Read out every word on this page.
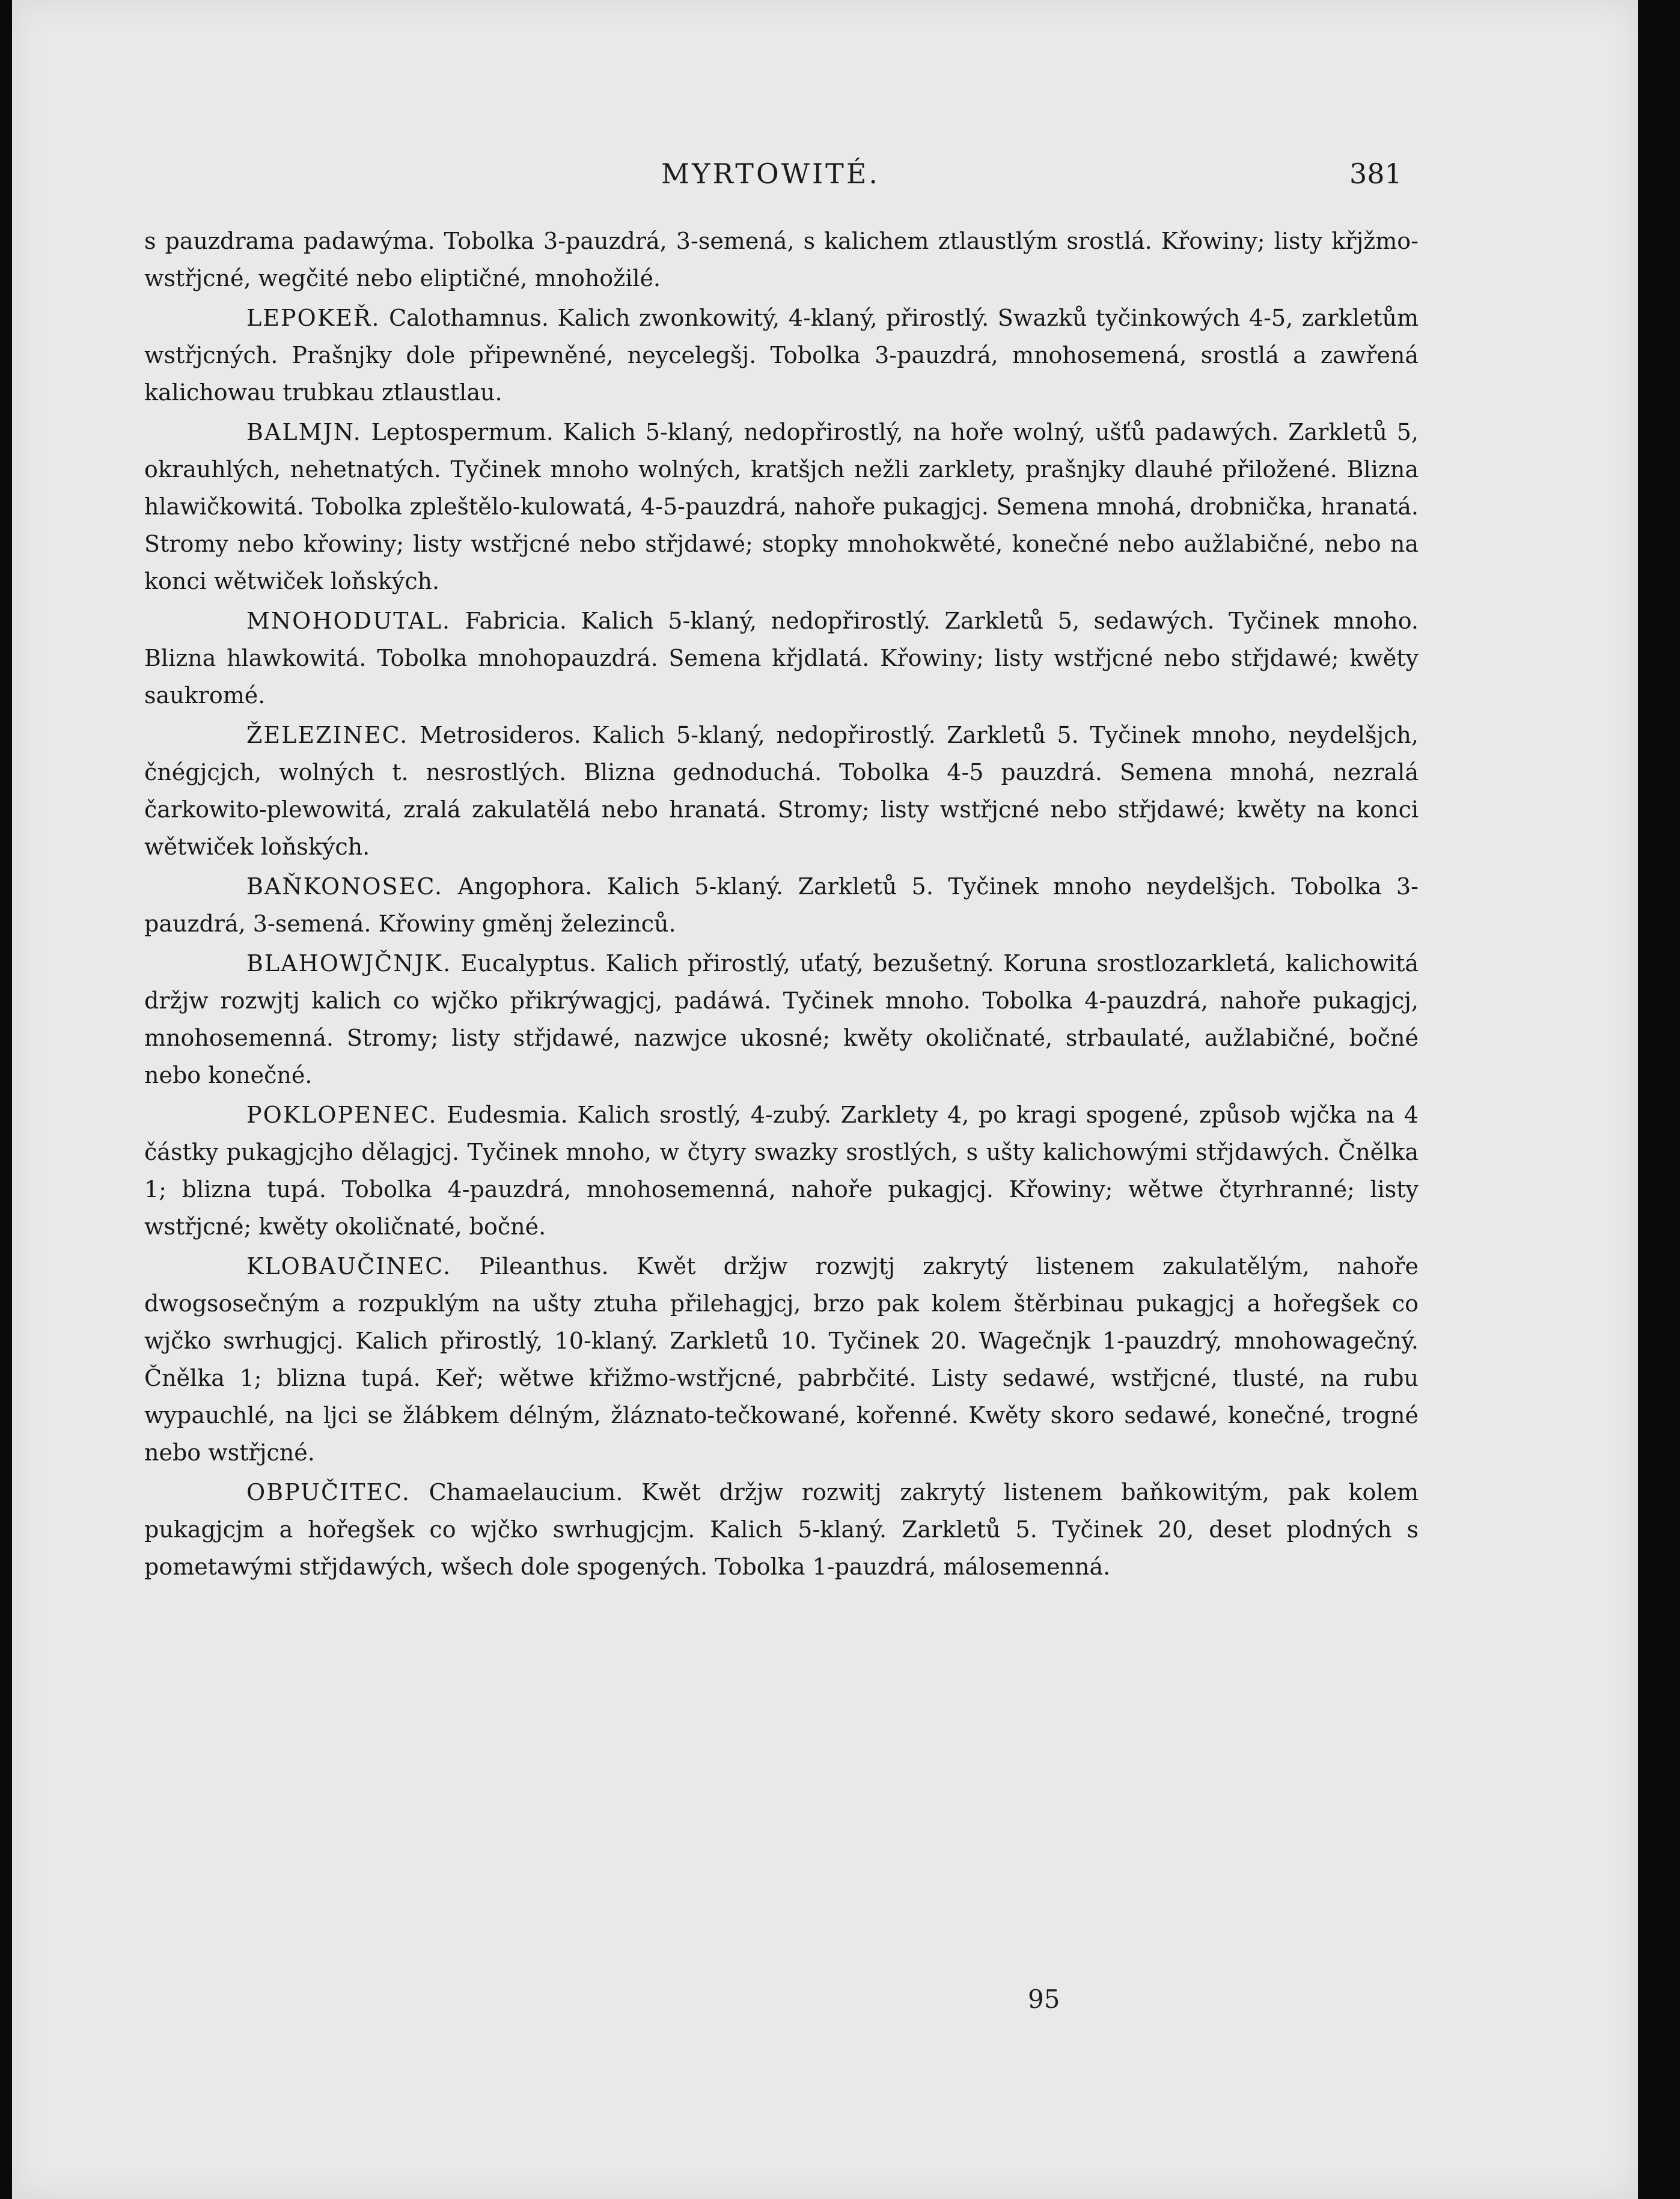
MYRTOWITÉ.	381

s pauzdrama padawýma. Tobolka 3-pauzdrá, 3-semená, s kalichem ztlaustlým srostlá. Křowiny; listy křjžmo-wstřjcné, wegčité nebo eliptičné, mnohožilé.

LEPOKEŘ. Calothamnus. Kalich zwonkowitý, 4-klaný, přirostlý. Swazků tyčinkowých 4-5, zarkletům wstřjcných. Prašnjky dole připewněné, neycelegšj. Tobolka 3-pauzdrá, mnohosemená, srostlá a zawřená kalichowau trubkau ztlaustlau.

BALMJN. Leptospermum. Kalich 5-klaný, nedopřirostlý, na hoře wolný, ušťů padawých. Zarkletů 5, okrauhlých, nehetnatých. Tyčinek mnoho wolných, kratšjch nežli zarklety, prašnjky dlauhé přiložené. Blizna hlawičkowitá. Tobolka zpleštělo-kulowatá, 4-5-pauzdrá, nahoře pukagjcj. Semena mnohá, drobnička, hranatá. Stromy nebo křowiny; listy wstřjcné nebo střjdawé; stopky mnohokwěté, konečné nebo aužlabičné, nebo na konci wětwiček loňských.

MNOHODUTAL. Fabricia. Kalich 5-klaný, nedopřirostlý. Zarkletů 5, sedawých. Tyčinek mnoho. Blizna hlawkowitá. Tobolka mnohopauzdrá. Semena křjdlatá. Křowiny; listy wstřjcné nebo střjdawé; kwěty saukromé.

ŽELEZINEC. Metrosideros. Kalich 5-klaný, nedopřirostlý. Zarkletů 5. Tyčinek mnoho, neydelšjch, čnégjcjch, wolných t. nesrostlých. Blizna gednoduchá. Tobolka 4-5 pauzdrá. Semena mnohá, nezralá čarkowito-plewowitá, zralá zakulatělá nebo hranatá. Stromy; listy wstřjcné nebo střjdawé; kwěty na konci wětwiček loňských.

BAŇKONOSEC. Angophora. Kalich 5-klaný. Zarkletů 5. Tyčinek mnoho neydelšjch. Tobolka 3-pauzdrá, 3-semená. Křowiny gměnj železinců.

BLAHOWJČNJK. Eucalyptus. Kalich přirostlý, uťatý, bezušetný. Koruna srostlozarkletá, kalichowitá držjw rozwjtj kalich co wjčko přikrýwagjcj, padáwá. Tyčinek mnoho. Tobolka 4-pauzdrá, nahoře pukagjcj, mnohosemenná. Stromy; listy střjdawé, nazwjce ukosné; kwěty okoličnaté, strbaulaté, aužlabičné, bočné nebo konečné.

POKLOPENEC. Eudesmia. Kalich srostlý, 4-zubý. Zarklety 4, po kragi spogené, způsob wjčka na 4 částky pukagjcjho dělagjcj. Tyčinek mnoho, w čtyry swazky srostlých, s ušty kalichowými střjdawých. Čnělka 1; blizna tupá. Tobolka 4-pauzdrá, mnohosemenná, nahoře pukagjcj. Křowiny; wětwe čtyrhranné; listy wstřjcné; kwěty okoličnaté, bočné.

KLOBAUČINEC. Pileanthus. Kwět držjw rozwjtj zakrytý listenem zakulatělým, nahoře dwogsosečným a rozpuklým na ušty ztuha přilehagjcj, brzo pak kolem štěrbinau pukagjcj a hořegšek co wjčko swrhugjcj. Kalich přirostlý, 10-klaný. Zarkletů 10. Tyčinek 20. Wagečnjk 1-pauzdrý, mnohowagečný. Čnělka 1; blizna tupá. Keř; wětwe křižmo-wstřjcné, pabrbčité. Listy sedawé, wstřjcné, tlusté, na rubu wypauchlé, na ljci se žlábkem délným, žláznato-tečkowané, kořenné. Kwěty skoro sedawé, konečné, trogné nebo wstřjcné.

OBPUČITEC. Chamaelaucium. Kwět držjw rozwitj zakrytý listenem baňkowitým, pak kolem pukagjcjm a hořegšek co wjčko swrhugjcjm. Kalich 5-klaný. Zarkletů 5. Tyčinek 20, deset plodných s pometawými střjdawých, wšech dole spogených. Tobolka 1-pauzdrá, málosemenná.

95
